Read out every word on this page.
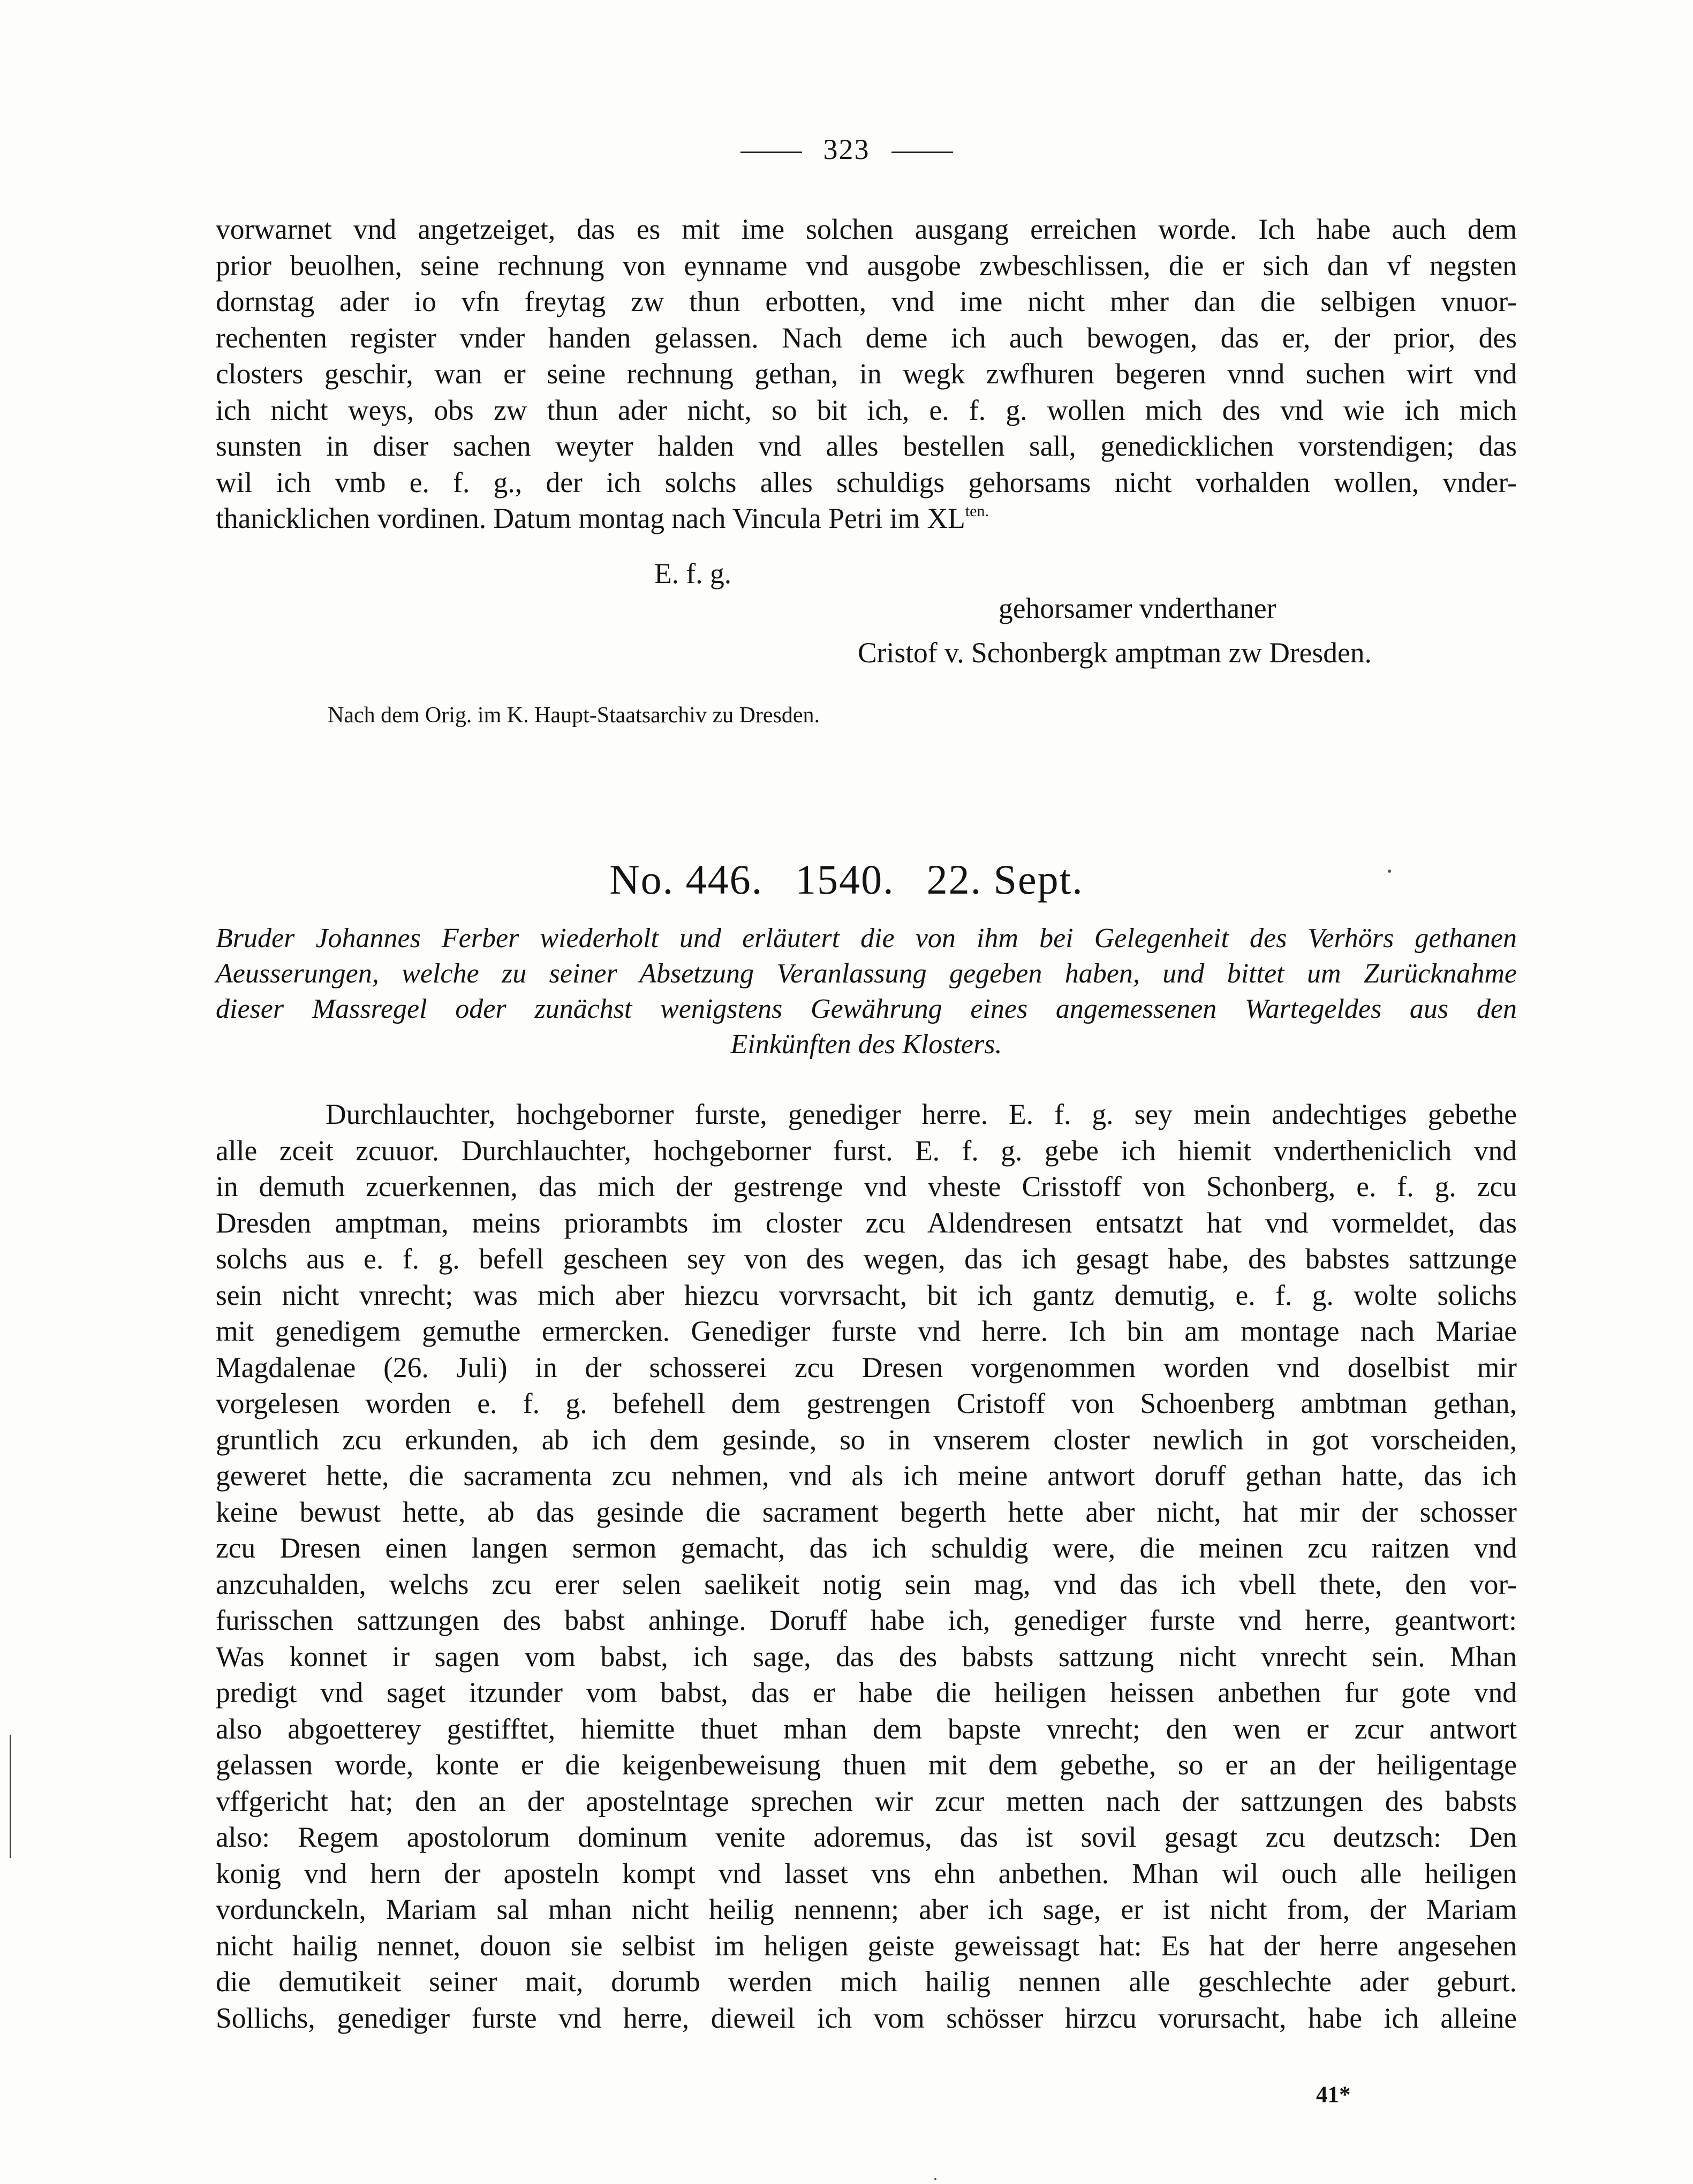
323

vorwarnet vnd angetzeiget, das es mit ime solchen ausgang erreichen worde. Ich habe auch dem

prior beuolhen, seine rechnung von eynname vnd ausgobe zwbeschlissen, die er sich dan vf negsten

dornstag ader io vfn freytag zw thun erbotten, vnd ime nicht mher dan die selbigen vnuor-

rechenten register vnder handen gelassen. Nach deme ich auch bewogen, das er, der prior, des

closters geschir, wan er seine rechnung gethan, in wegk zwfhuren begeren vnnd suchen wirt vnd

ich nicht weys, obs zw thun ader nicht, so bit ich, e. f. g. wollen mich des vnd wie ich mich

sunsten in diser sachen weyter halden vnd alles bestellen sall, genedicklichen vorstendigen; das

wil ich vmb e. f. g., der ich solchs alles schuldigs gehorsams nicht vorhalden wollen, vnder-

thanicklichen vordinen. Datum montag nach Vincula Petri im $XL^{ten.}$

E. f. g.
gehorsamer vnderthaner
Cristof v. Schonbergk amptman zw Dresden.
Nach dem Orig. im K. Haupt-Staatsarchiv zu Dresden.
No. 446. 1540. 22. Sept.

Bruder Johannes Ferber wiederholt und erläutert die von ihm bei Gelegenheit des Verhörs gethanen

Aeusserungen, welche zu seiner Absetzung Veranlassung gegeben haben, und bittet um Zurücknahme

dieser Massregel oder zunächst wenigstens Gewährung eines angemessenen Wartegeldes aus den

Einkünften des Klosters.

Durchlauchter, hochgeborner furste, genediger herre. E. f. g. sey mein andechtiges gebethe

alle zceit zcuuor. Durchlauchter, hochgeborner furst. E. f. g. gebe ich hiemit vndertheniclich vnd

in demuth zcuerkennen, das mich der gestrenge vnd vheste Crisstoff von Schonberg, e. f. g. zcu

Dresden amptman, meins priorambts im closter zcu Aldendresen entsatzt hat vnd vormeldet, das

solchs aus e. f. g. befell gescheen sey von des wegen, das ich gesagt habe, des babstes sattzunge

sein nicht vnrecht; was mich aber hiezcu vorvrsacht, bit ich gantz demutig, e. f. g. wolte solichs

mit genedigem gemuthe ermercken. Genediger furste vnd herre. Ich bin am montage nach Mariae

Magdalenae (26. Juli) in der schosserei zcu Dresen vorgenommen worden vnd doselbist mir

vorgelesen worden e. f. g. befehell dem gestrengen Cristoff von Schoenberg ambtman gethan,

gruntlich zcu erkunden, ab ich dem gesinde, so in vnserem closter newlich in got vorscheiden,

geweret hette, die sacramenta zcu nehmen, vnd als ich meine antwort doruff gethan hatte, das ich

keine bewust hette, ab das gesinde die sacrament begerth hette aber nicht, hat mir der schosser

zcu Dresen einen langen sermon gemacht, das ich schuldig were, die meinen zcu raitzen vnd

anzcuhalden, welchs zcu erer selen saelikeit notig sein mag, vnd das ich vbell thete, den vor-

furisschen sattzungen des babst anhinge. Doruff habe ich, genediger furste vnd herre, geantwort:

Was konnet ir sagen vom babst, ich sage, das des babsts sattzung nicht vnrecht sein. Mhan

predigt vnd saget itzunder vom babst, das er habe die heiligen heissen anbethen fur gote vnd

also abgoetterey gestifftet, hiemitte thuet mhan dem bapste vnrecht; den wen er zcur antwort

gelassen worde, konte er die keigenbeweisung thuen mit dem gebethe, so er an der heiligentage

vffgericht hat; den an der apostelntage sprechen wir zcur metten nach der sattzungen des babsts

also: Regem apostolorum dominum venite adoremus, das ist sovil gesagt zcu deutzsch: Den

konig vnd hern der aposteln kompt vnd lasset vns ehn anbethen. Mhan wil ouch alle heiligen

vordunckeln, Mariam sal mhan nicht heilig nennenn; aber ich sage, er ist nicht from, der Mariam

nicht hailig nennet, douon sie selbist im heligen geiste geweissagt hat: Es hat der herre angesehen

die demutikeit seiner mait, dorumb werden mich hailig nennen alle geschlechte ader geburt.

Sollichs, genediger furste vnd herre, dieweil ich vom schösser hirzcu vorursacht, habe ich alleine

41*
